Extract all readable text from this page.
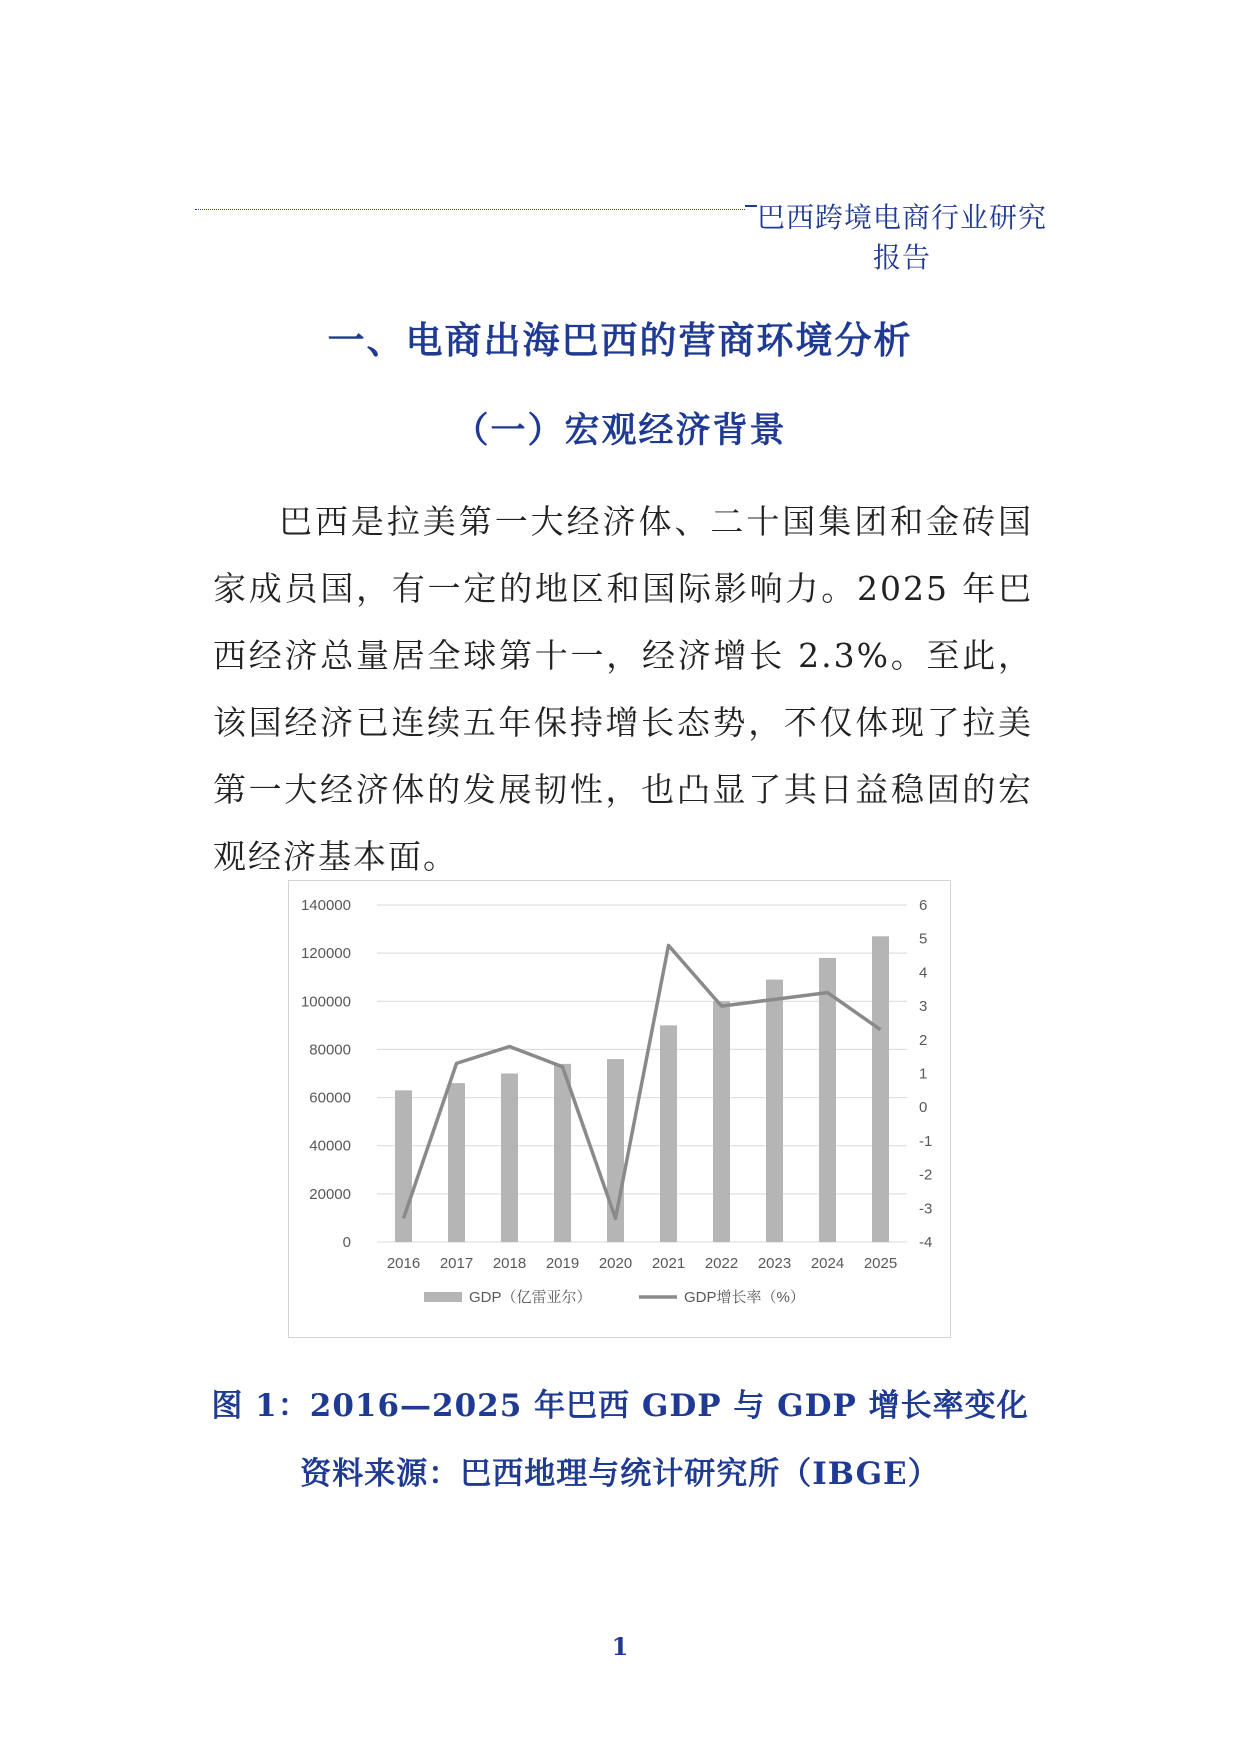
巴西跨境电商行业研究报告
一、电商出海巴西的营商环境分析
（一）宏观经济背景
巴西是拉美第一大经济体、二十国集团和金砖国家成员国，有一定的地区和国际影响力。2025 年巴西经济总量居全球第十一，经济增长 2.3%。至此，该国经济已连续五年保持增长态势，不仅体现了拉美第一大经济体的发展韧性，也凸显了其日益稳固的宏观经济基本面。
0
20000
40000
60000
80000
100000
120000
140000
-4
-3
-2
-1
0
1
2
3
4
5
6
2016 2017 2018 2019 2020 2021 2022 2023 2024 2025
GDP（亿雷亚尔）	GDP增长率（%）
图 1：2016—2025 年巴西 GDP 与 GDP 增长率变化
资料来源：巴西地理与统计研究所（IBGE）
1
